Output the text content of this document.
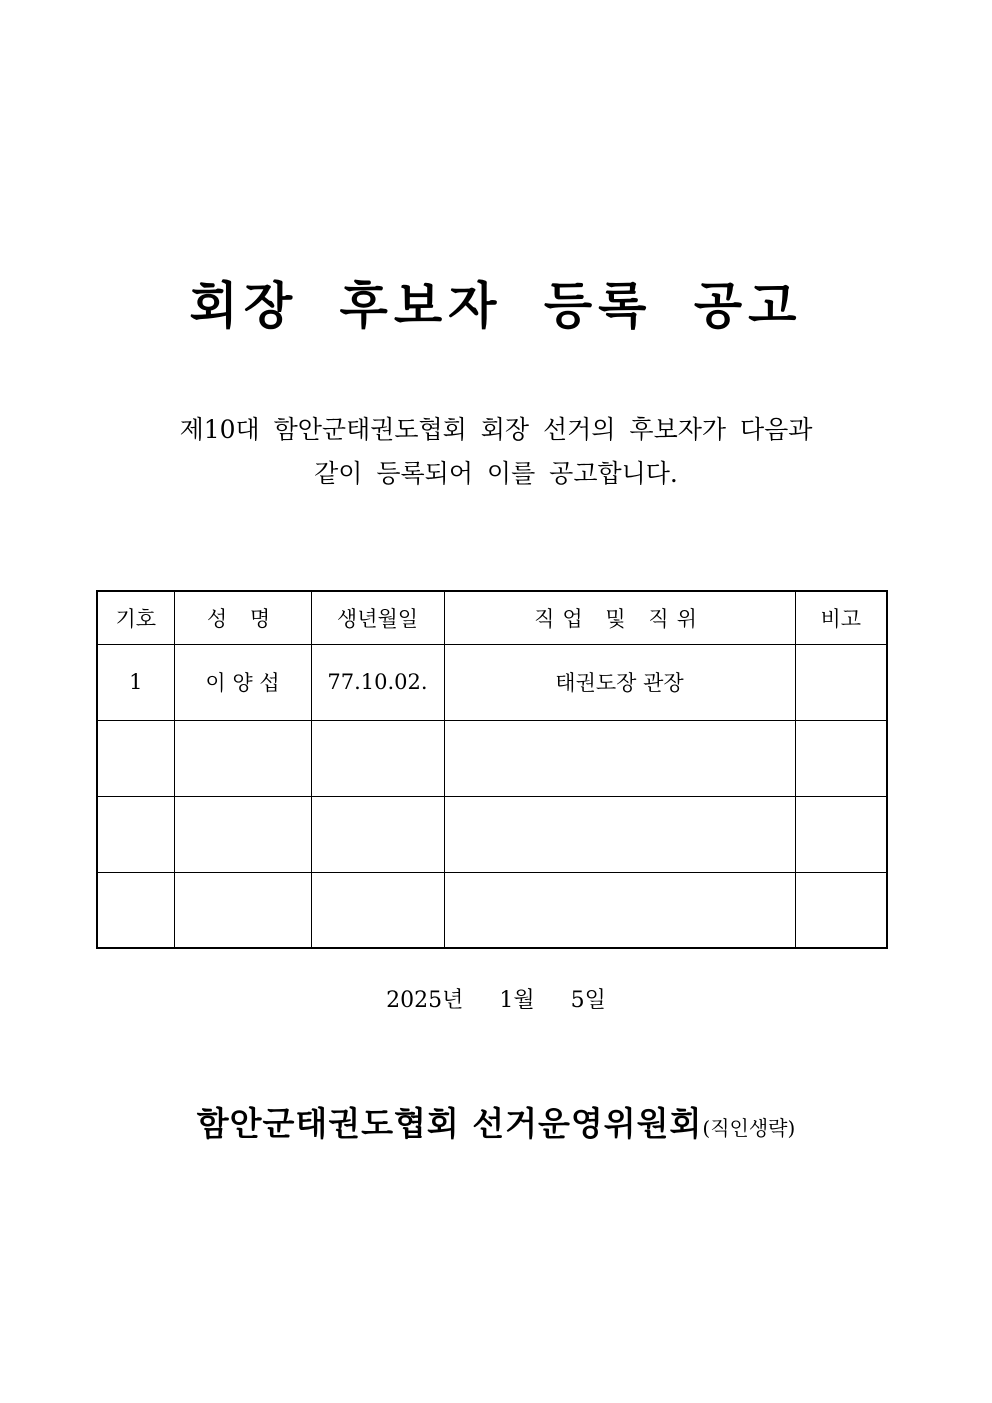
회장 후보자 등록 공고
제10대 함안군태권도협회 회장 선거의 후보자가 다음과
같이 등록되어 이를 공고합니다.
기호	성 명	생년월일	직업 및 직위	비고
1	이 양 섭	77.10.02.	태권도장 관장	

2025년 1월 5일
함안군태권도협회 선거운영위원회(직인생략)
